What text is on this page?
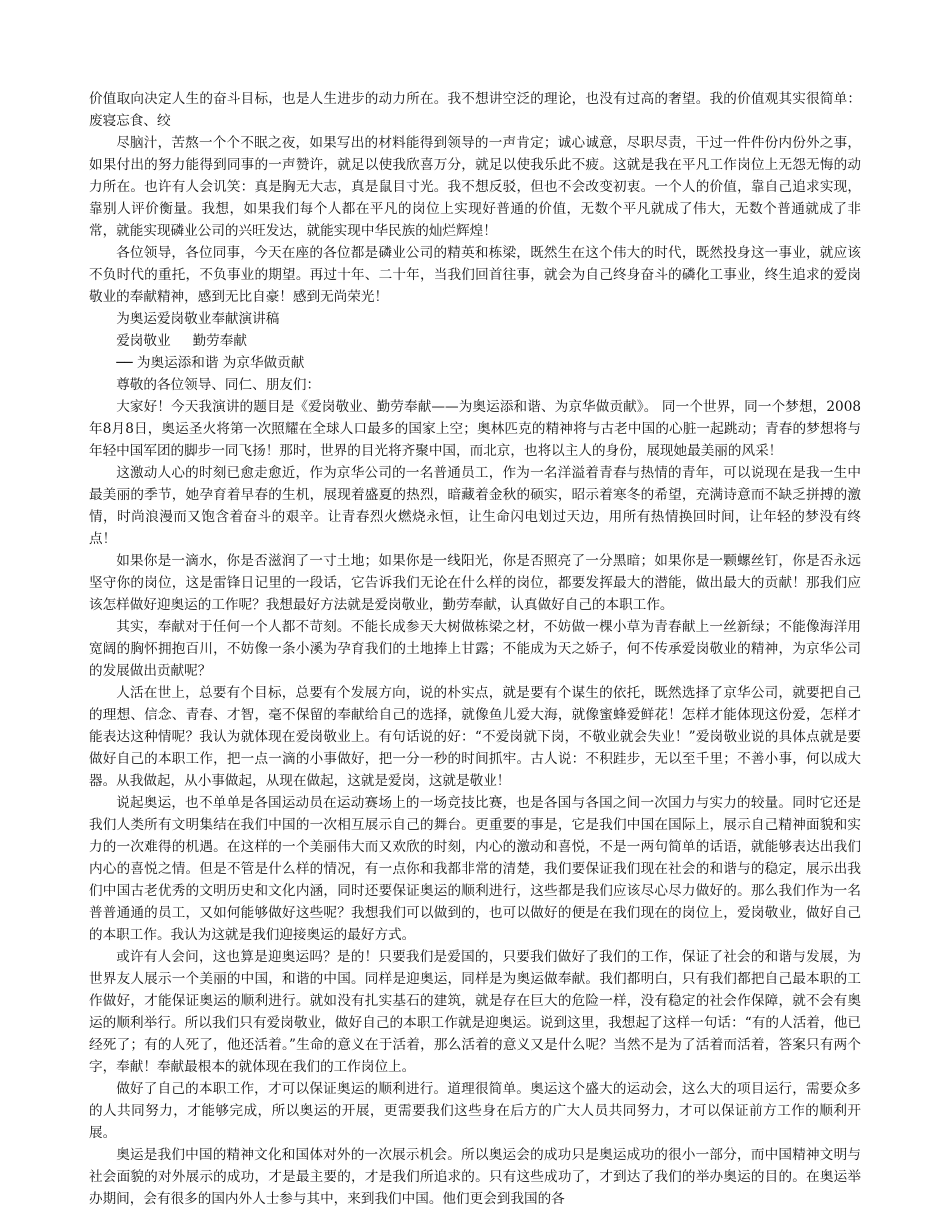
价值取向决定人生的奋斗目标，也是人生进步的动力所在。我不想讲空泛的理论，也没有过高的奢望。我的价值观其实很简单：废寝忘食、绞

尽脑汁，苦熬一个个不眠之夜，如果写出的材料能得到领导的一声肯定；诚心诚意，尽职尽责，干过一件件份内份外之事，如果付出的努力能得到同事的一声赞许，就足以使我欣喜万分，就足以使我乐此不疲。这就是我在平凡工作岗位上无怨无悔的动力所在。也许有人会讥笑：真是胸无大志，真是鼠目寸光。我不想反驳，但也不会改变初衷。一个人的价值，靠自己追求实现，靠别人评价衡量。我想，如果我们每个人都在平凡的岗位上实现好普通的价值，无数个平凡就成了伟大，无数个普通就成了非常，就能实现磷业公司的兴旺发达，就能实现中华民族的灿烂辉煌！

各位领导，各位同事，今天在座的各位都是磷业公司的精英和栋梁，既然生在这个伟大的时代，既然投身这一事业，就应该不负时代的重托，不负事业的期望。再过十年、二十年，当我们回首往事，就会为自己终身奋斗的磷化工事业，终生追求的爱岗敬业的奉献精神，感到无比自豪！感到无尚荣光！

为奥运爱岗敬业奉献演讲稿

爱岗敬业 勤劳奉献

── 为奥运添和谐 为京华做贡献

尊敬的各位领导、同仁、朋友们：

大家好！今天我演讲的题目是《爱岗敬业、勤劳奉献——为奥运添和谐、为京华做贡献》。 同一个世界，同一个梦想，2008年8月8日，奥运圣火将第一次照耀在全球人口最多的国家上空；奥林匹克的精神将与古老中国的心脏一起跳动；青春的梦想将与年轻中国军团的脚步一同飞扬！那时，世界的目光将齐聚中国，而北京，也将以主人的身份，展现她最美丽的风采！

这激动人心的时刻已愈走愈近，作为京华公司的一名普通员工，作为一名洋溢着青春与热情的青年，可以说现在是我一生中最美丽的季节，她孕育着早春的生机，展现着盛夏的热烈，暗藏着金秋的硕实，昭示着寒冬的希望，充满诗意而不缺乏拼搏的激情，时尚浪漫而又饱含着奋斗的艰辛。让青春烈火燃烧永恒，让生命闪电划过天边，用所有热情换回时间，让年轻的梦没有终点！

如果你是一滴水，你是否滋润了一寸土地；如果你是一线阳光，你是否照亮了一分黑暗；如果你是一颗螺丝钉，你是否永远坚守你的岗位，这是雷锋日记里的一段话，它告诉我们无论在什么样的岗位，都要发挥最大的潜能，做出最大的贡献！那我们应该怎样做好迎奥运的工作呢？我想最好方法就是爱岗敬业，勤劳奉献，认真做好自己的本职工作。

其实，奉献对于任何一个人都不苛刻。不能长成参天大树做栋梁之材，不妨做一棵小草为青春献上一丝新绿；不能像海洋用宽阔的胸怀拥抱百川，不妨像一条小溪为孕育我们的土地捧上甘露；不能成为天之娇子，何不传承爱岗敬业的精神，为京华公司的发展做出贡献呢？

人活在世上，总要有个目标，总要有个发展方向，说的朴实点，就是要有个谋生的依托，既然选择了京华公司，就要把自己的理想、信念、青春、才智，毫不保留的奉献给自己的选择，就像鱼儿爱大海，就像蜜蜂爱鲜花！怎样才能体现这份爱，怎样才能表达这种情呢？我认为就体现在爱岗敬业上。有句话说的好：“不爱岗就下岗，不敬业就会失业！”爱岗敬业说的具体点就是要做好自己的本职工作，把一点一滴的小事做好，把一分一秒的时间抓牢。古人说：不积跬步，无以至千里；不善小事，何以成大器。从我做起，从小事做起，从现在做起，这就是爱岗，这就是敬业！

说起奥运，也不单单是各国运动员在运动赛场上的一场竞技比赛，也是各国与各国之间一次国力与实力的较量。同时它还是我们人类所有文明集结在我们中国的一次相互展示自己的舞台。更重要的事是，它是我们中国在国际上，展示自己精神面貌和实力的一次难得的机遇。在这样的一个美丽伟大而又欢欣的时刻，内心的激动和喜悦，不是一两句简单的话语，就能够表达出我们内心的喜悦之情。但是不管是什么样的情况，有一点你和我都非常的清楚，我们要保证我们现在社会的和谐与的稳定，展示出我们中国古老优秀的文明历史和文化内涵，同时还要保证奥运的顺利进行，这些都是我们应该尽心尽力做好的。那么我们作为一名普普通通的员工，又如何能够做好这些呢？我想我们可以做到的，也可以做好的便是在我们现在的岗位上，爱岗敬业，做好自己的本职工作。我认为这就是我们迎接奥运的最好方式。

或许有人会问，这也算是迎奥运吗？是的！只要我们是爱国的，只要我们做好了我们的工作，保证了社会的和谐与发展，为世界友人展示一个美丽的中国，和谐的中国。同样是迎奥运，同样是为奥运做奉献。我们都明白，只有我们都把自己最本职的工作做好，才能保证奥运的顺利进行。就如没有扎实基石的建筑，就是存在巨大的危险一样，没有稳定的社会作保障，就不会有奥运的顺利举行。所以我们只有爱岗敬业，做好自己的本职工作就是迎奥运。说到这里，我想起了这样一句话：“有的人活着，他已经死了；有的人死了，他还活着。”生命的意义在于活着，那么活着的意义又是什么呢？当然不是为了活着而活着，答案只有两个字，奉献！奉献最根本的就体现在我们的工作岗位上。

做好了自己的本职工作，才可以保证奥运的顺利进行。道理很简单。奥运这个盛大的运动会，这么大的项目运行，需要众多的人共同努力，才能够完成，所以奥运的开展，更需要我们这些身在后方的广大人员共同努力，才可以保证前方工作的顺利开展。

奥运是我们中国的精神文化和国体对外的一次展示机会。所以奥运会的成功只是奥运成功的很小一部分，而中国精神文明与社会面貌的对外展示的成功，才是最主要的，才是我们所追求的。只有这些成功了，才到达了我们的举办奥运的目的。在奥运举办期间，会有很多的国内外人士参与其中，来到我们中国。他们更会到我国的各
